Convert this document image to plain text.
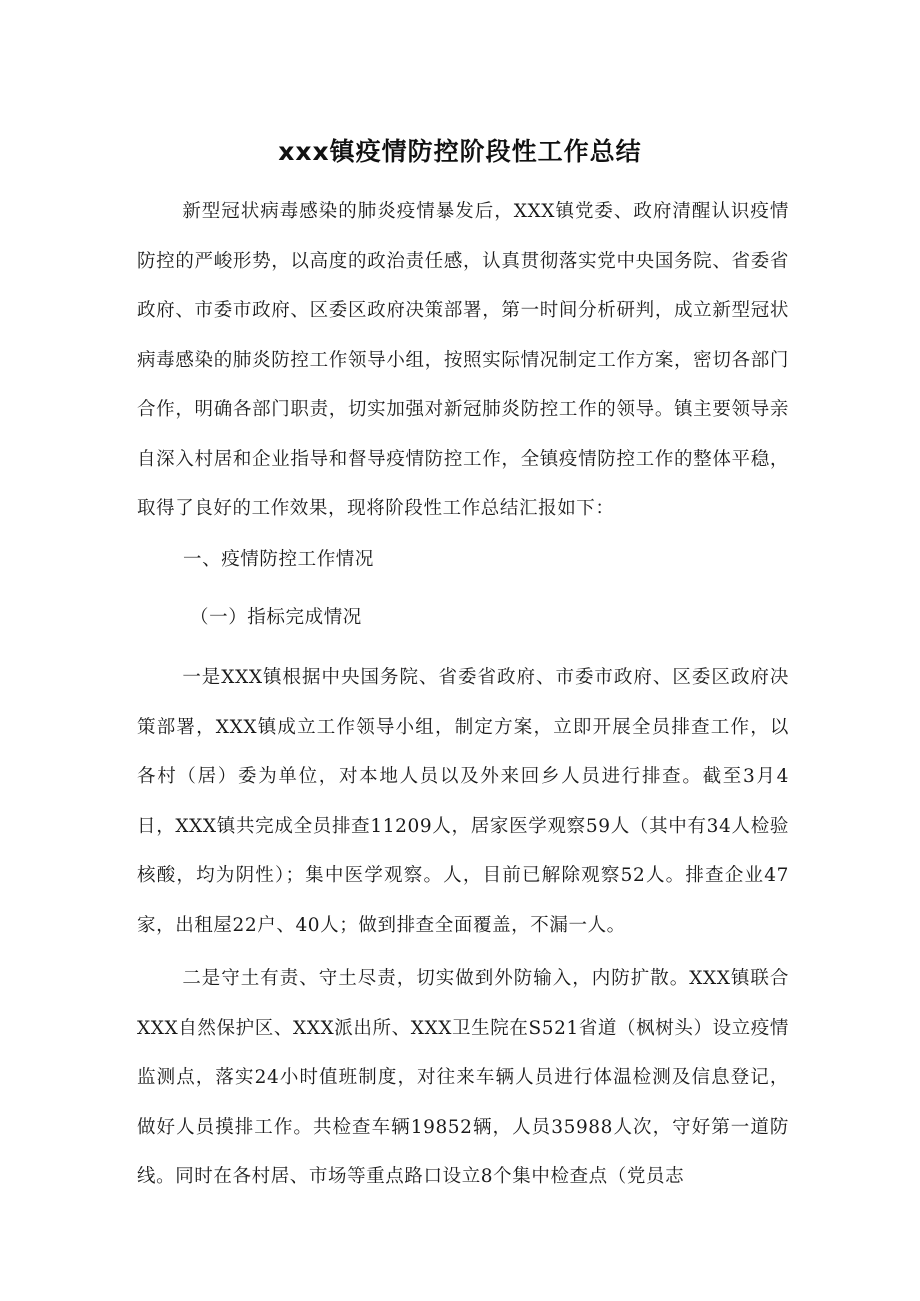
xxx镇疫情防控阶段性工作总结

新型冠状病毒感染的肺炎疫情暴发后，XXX镇党委、政府清醒认识疫情防控的严峻形势，以高度的政治责任感，认真贯彻落实党中央国务院、省委省政府、市委市政府、区委区政府决策部署，第一时间分析研判，成立新型冠状病毒感染的肺炎防控工作领导小组，按照实际情况制定工作方案，密切各部门合作，明确各部门职责，切实加强对新冠肺炎防控工作的领导。镇主要领导亲自深入村居和企业指导和督导疫情防控工作，全镇疫情防控工作的整体平稳，取得了良好的工作效果，现将阶段性工作总结汇报如下：

一、疫情防控工作情况

（一）指标完成情况

一是XXX镇根据中央国务院、省委省政府、市委市政府、区委区政府决策部署，XXX镇成立工作领导小组，制定方案，立即开展全员排查工作，以各村（居）委为单位，对本地人员以及外来回乡人员进行排查。截至3月4日，XXX镇共完成全员排查11209人，居家医学观察59人（其中有34人检验核酸，均为阴性）；集中医学观察。人，目前已解除观察52人。排查企业47家，出租屋22户、40人；做到排查全面覆盖，不漏一人。

二是守土有责、守土尽责，切实做到外防输入，内防扩散。XXX镇联合XXX自然保护区、XXX派出所、XXX卫生院在S521省道（枫树头）设立疫情监测点，落实24小时值班制度，对往来车辆人员进行体温检测及信息登记，做好人员摸排工作。共检查车辆19852辆，人员35988人次，守好第一道防线。同时在各村居、市场等重点路口设立8个集中检查点（党员志
